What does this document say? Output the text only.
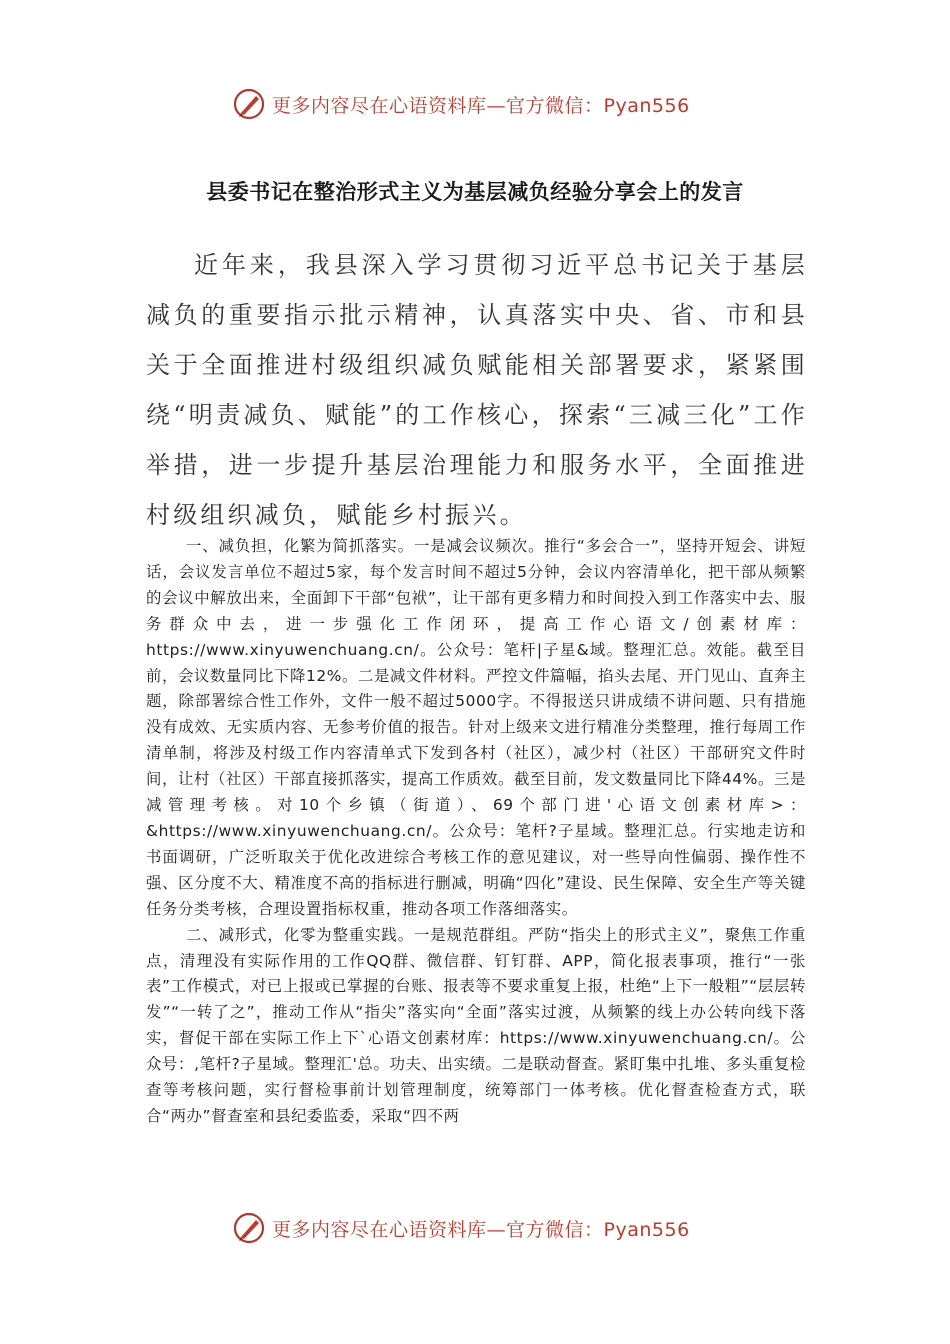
更多内容尽在心语资料库—官方微信：Pyan556
县委书记在整治形式主义为基层减负经验分享会上的发言

近年来，我县深入学习贯彻习近平总书记关于基层减负的重要指示批示精神，认真落实中央、省、市和县关于全面推进村级组织减负赋能相关部署要求，紧紧围绕“明责减负、赋能”的工作核心，探索“三减三化”工作举措，进一步提升基层治理能力和服务水平，全面推进村级组织减负，赋能乡村振兴。

一、减负担，化繁为简抓落实。一是减会议频次。推行“多会合一”，坚持开短会、讲短话，会议发言单位不超过5家，每个发言时间不超过5分钟，会议内容清单化，把干部从频繁的会议中解放出来，全面卸下干部“包袱”，让干部有更多精力和时间投入到工作落实中去、服务群众中去，进一步强化工作闭环，提高工作心语文/创素材库：https://www.xinyuwenchuang.cn/。公众号：笔杆|子星&域。整理汇总。效能。截至目前，会议数量同比下降12%。二是减文件材料。严控文件篇幅，掐头去尾、开门见山、直奔主题，除部署综合性工作外，文件一般不超过5000字。不得报送只讲成绩不讲问题、只有措施没有成效、无实质内容、无参考价值的报告。针对上级来文进行精准分类整理，推行每周工作清单制，将涉及村级工作内容清单式下发到各村（社区），减少村（社区）干部研究文件时间，让村（社区）干部直接抓落实，提高工作质效。截至目前，发文数量同比下降44%。三是减管理考核。对10个乡镇（街道）、69个部门进'心语文创素材库>：&https://www.xinyuwenchuang.cn/。公众号：笔杆?子星域。整理汇总。行实地走访和书面调研，广泛听取关于优化改进综合考核工作的意见建议，对一些导向性偏弱、操作性不强、区分度不大、精准度不高的指标进行删减，明确“四化”建设、民生保障、安全生产等关键任务分类考核，合理设置指标权重，推动各项工作落细落实。

二、减形式，化零为整重实践。一是规范群组。严防“指尖上的形式主义”，聚焦工作重点，清理没有实际作用的工作QQ群、微信群、钉钉群、APP，简化报表事项，推行“一张表”工作模式，对已上报或已掌握的台账、报表等不要求重复上报，杜绝“上下一般粗”“层层转发”“一转了之”，推动工作从“指尖”落实向“全面”落实过渡，从频繁的线上办公转向线下落实，督促干部在实际工作上下`心语文创素材库：https://www.xinyuwenchuang.cn/。公众号：,笔杆?子星域。整理汇'总。功夫、出实绩。二是联动督查。紧盯集中扎堆、多头重复检查等考核问题，实行督检事前计划管理制度，统筹部门一体考核。优化督查检查方式，联合“两办”督查室和县纪委监委，采取“四不两

更多内容尽在心语资料库—官方微信：Pyan556
